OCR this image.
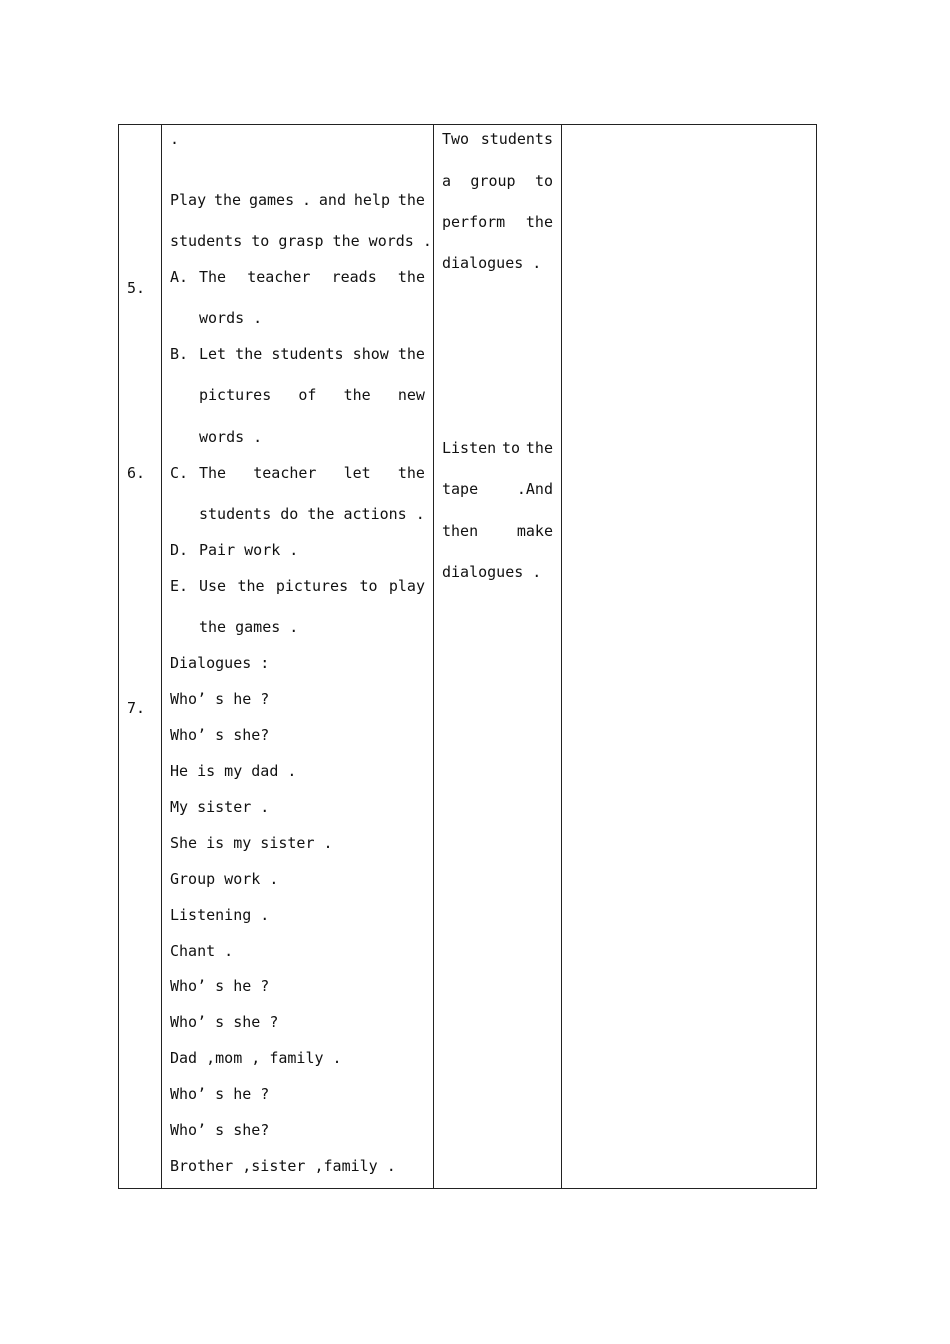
5.
6.
7.
.
Play the games . and help the
students to grasp the words .
A. The teacher reads the
words .
B. Let the students show the
pictures of the new
words .
C. The teacher let the
students do the actions .
D. Pair work .
E. Use the pictures to play
the games .
Dialogues :
Who’ s he ?
Who’ s she?
He is my dad .
My sister .
She is my sister .
Group work .
Listening .
Chant .
Who’ s he ?
Who’ s she ?
Dad ,mom , family .
Who’ s he ?
Who’ s she?
Brother ,sister ,family .
Two students
a group to
perform the
dialogues .
Listen to the
tape	.And
then	make
dialogues .
